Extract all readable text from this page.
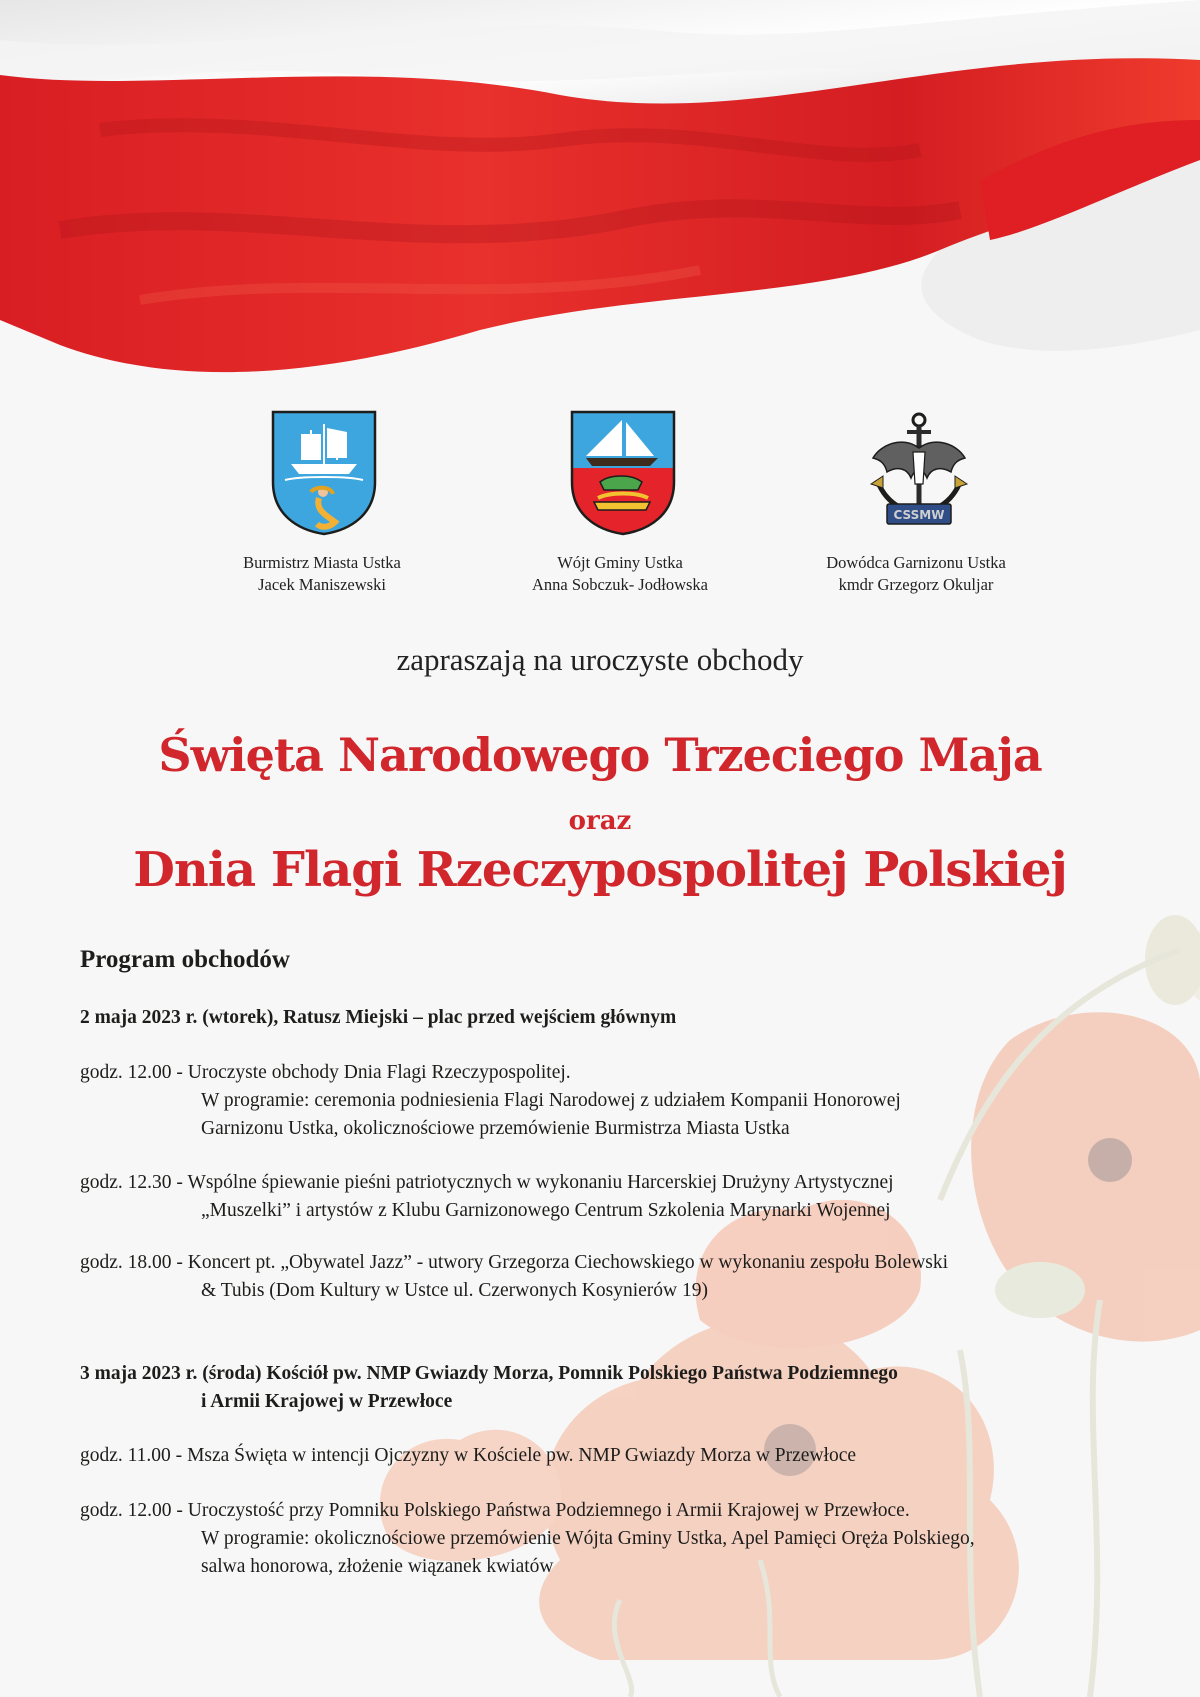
CSSMW
Burmistrz Miasta Ustka
Jacek Maniszewski
Wójt Gminy Ustka
Anna Sobczuk- Jodłowska
Dowódca Garnizonu Ustka
kmdr Grzegorz Okuljar
zapraszają na uroczyste obchody
Święta Narodowego Trzeciego Maja
oraz
Dnia Flagi Rzeczypospolitej Polskiej
Program obchodów
2 maja 2023 r. (wtorek), Ratusz Miejski – plac przed wejściem głównym
godz. 12.00 - Uroczyste obchody Dnia Flagi Rzeczypospolitej.
W programie: ceremonia podniesienia Flagi Narodowej z udziałem Kompanii Honorowej
Garnizonu Ustka, okolicznościowe przemówienie Burmistrza Miasta Ustka
godz. 12.30 - Wspólne śpiewanie pieśni patriotycznych w wykonaniu Harcerskiej Drużyny Artystycznej
„Muszelki” i artystów z Klubu Garnizonowego Centrum Szkolenia Marynarki Wojennej
godz. 18.00 - Koncert pt. „Obywatel Jazz” - utwory Grzegorza Ciechowskiego w wykonaniu zespołu Bolewski
& Tubis (Dom Kultury w Ustce ul. Czerwonych Kosynierów 19)
3 maja 2023 r. (środa) Kościół pw. NMP Gwiazdy Morza, Pomnik Polskiego Państwa Podziemnego
i Armii Krajowej w Przewłoce
godz. 11.00 - Msza Święta w intencji Ojczyzny w Kościele pw. NMP Gwiazdy Morza w Przewłoce
godz. 12.00 - Uroczystość przy Pomniku Polskiego Państwa Podziemnego i Armii Krajowej w Przewłoce.
W programie: okolicznościowe przemówienie Wójta Gminy Ustka, Apel Pamięci Oręża Polskiego,
salwa honorowa, złożenie wiązanek kwiatów
